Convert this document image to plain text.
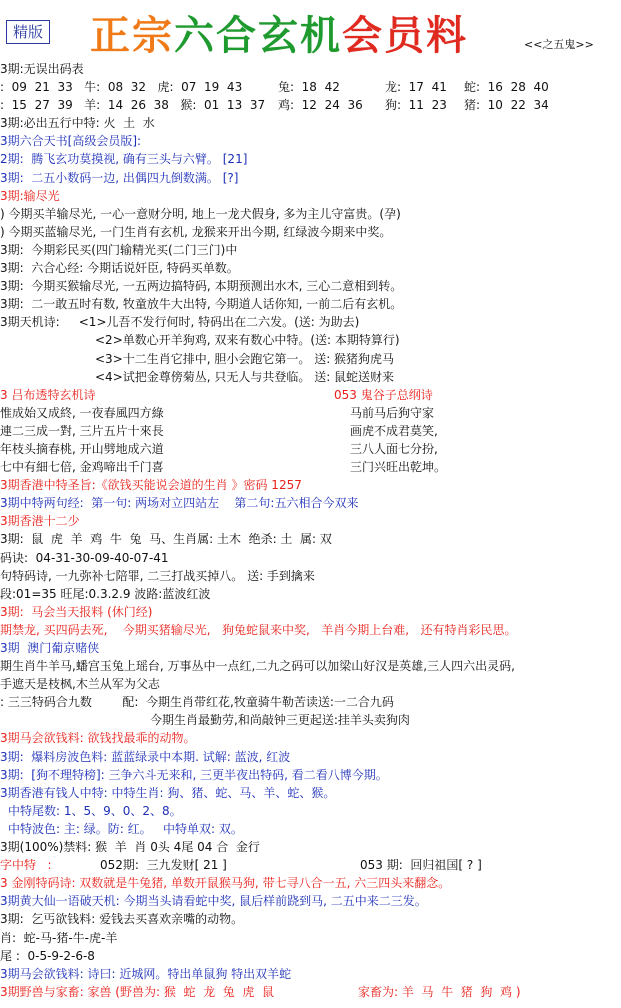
精版 正宗六合玄机会员料	<<之五鬼>>
3期:无误出码表
:  09  21  33   牛:  08  32   虎:  07  19  43	兔:  18  42	龙:  17  41 蛇:  16  28  40
:  15  27  39   羊:  14  26  38   猴:  01  13  37 鸡:  12  24  36 狗:  11  23 猪:  10  22  34
3期:必出五行中特: 火  土  水
3期六合天书[高级会员版]:
2期:  腾飞玄功莫摸视, 确有三头与六臂。 [21]
3期:  二五小数码一边, 出偶四九倒数满。 [?]
3期:输尽光
) 今期买羊输尽光, 一心一意财分明, 地上一龙犬假身, 多为主儿守富贵。(孕)
) 今期买蓝输尽光, 一门生肖有玄机, 龙猴来开出今期, 红绿波今期来中奖。
3期:  今期彩民买(四门输精光买(二门三门)中
3期:  六合心经: 今期话说奸臣, 特码买单数。
3期:  今期买猴输尽光, 一五两边搞特码, 本期预测出水木, 三心二意相到转。
3期:  二一敢五时有数, 牧童放牛大出特, 今期道人话你知, 一前二后有玄机。
3期天机诗:     <1>儿吾不发行何时, 特码出在二六发。(送: 为助去)
<2>单数心开羊狗鸡, 双来有数心中特。(送: 本期特算行)
<3>十二生肖它排中, 胆小会跑它第一。 送: 猴猪狗虎马
<4>试把金尊傍菊丛, 只无人与共登临。 送: 鼠蛇送财来
3 吕布透特玄机诗	053 鬼谷子总纲诗
惟成始又成終, 一夜春風四方綠	马前马后狗守家
連二三成一對, 三片五片十來長	画虎不成君莫笑,
年枝头摘春桃, 开山劈地成六道	三八人面七分扮,
七中有細七倍, 金鸡啼出千门喜	三门兴旺出乾坤。
3期香港中特圣旨:《欲钱买能说会道的生肖 》密码 1257
3期中特两句经:  第一句: 两场对立四站左    第二句:五六相合今双来
3期香港十二少
3期:  鼠  虎  羊  鸡  牛  兔  马、生肖属: 土木  绝杀: 土  属: 双
码诀:  04-31-30-09-40-07-41
句特码诗, 一九弥补七陪罪, 二三打战买掉八。 送: 手到擒来
段:01=35 旺尾:0.3.2.9 波路:蓝波红波
3期:  马会当天报料 (休门经)
期禁龙, 买四码去死,    今期买猪输尽光,   狗兔蛇鼠来中奖,   羊肖今期上台难,   还有特肖彩民思。
3期  澳门葡京赌侠
期生肖牛羊马,蟠宫玉兔上瑶台, 万事丛中一点红,二九之码可以加梁山好汉是英雄,三人四六出灵码,
手遮天是枝枫,木兰从军为父志
: 三三特码合九数        配:  今期生肖带红花,牧童骑牛勒苦读送:一二合九码
今期生肖最勤劳,和尚敲钟三更起送:挂羊头卖狗肉
3期马会欲钱料: 欲钱找最乖的动物。
3期:  爆料房波色料: 蓝蓝绿录中本期. 试解: 蓝波, 红波
3期:  [狗不理特榜]: 三争六斗无来和, 三更半夜出特码, 看二看八博今期。
3期香港有钱人中特: 中特生肖: 狗、猪、蛇、马、羊、蛇、猴。
中特尾数: 1、5、9、0、2、8。
中特波色: 主: 绿。防: 红。   中特单双: 双。
3期(100%)禁料: 猴  羊  肖 0头 4尾 04 合  金行
字中特   :	052期:  三九发财[ 21 ]	053 期:  回归祖国[ ? ]
3 金刚特码诗: 双数就是牛兔猪, 单数开鼠猴马狗, 带七寻八合一五, 六三四头来翻念。
3期黄大仙一语破天机: 今期当头请看蛇中奖, 鼠后样前跷到马, 二五中来二三发。
3期:  乞丐欲钱料: 爱钱去买喜欢亲嘴的动物。
肖:  蛇-马-猪-牛-虎-羊
尾 :  0-5-9-2-6-8
3期马会欲钱料: 诗曰: 近城网。特出单鼠狗 特出双羊蛇
3期野兽与家畜: 家兽 (野兽为: 猴  蛇  龙  兔  虎  鼠	家畜为: 羊  马  牛  猪  狗  鸡 )
